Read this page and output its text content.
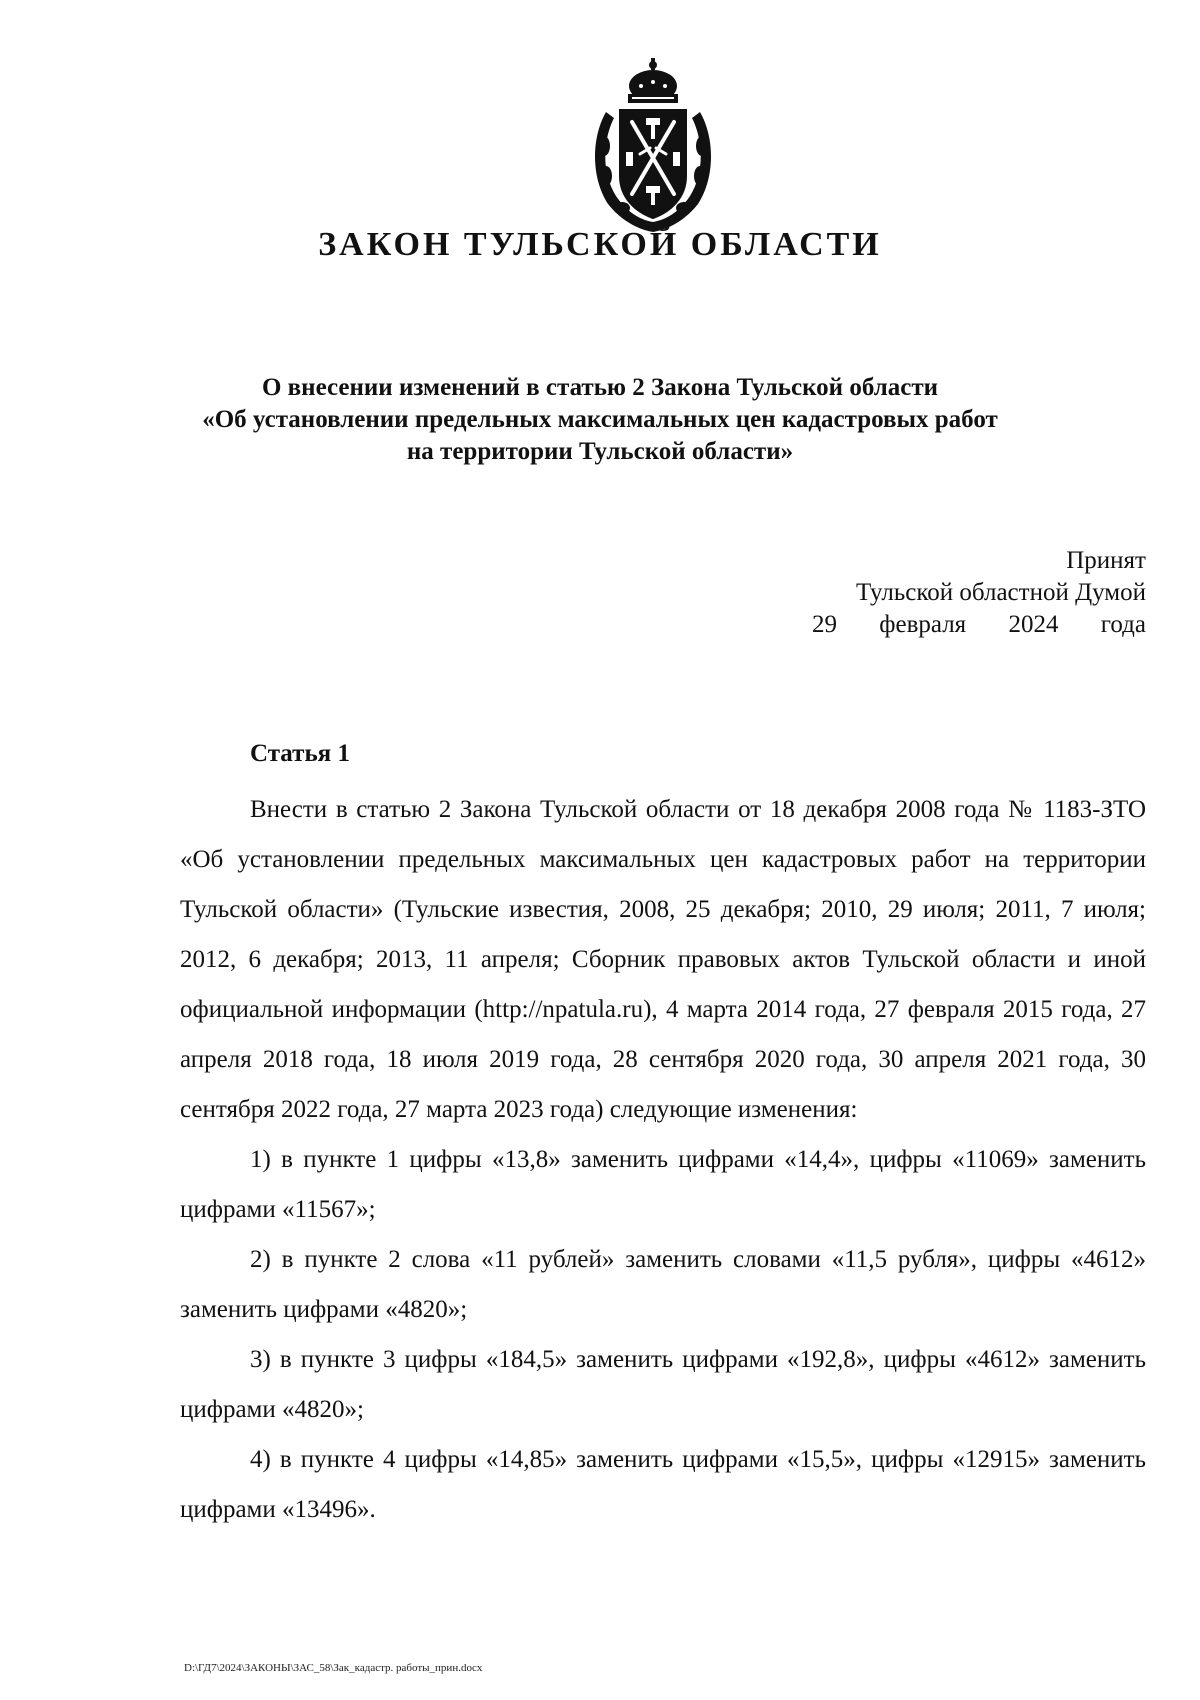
ЗАКОН ТУЛЬСКОЙ ОБЛАСТИ
О внесении изменений в статью 2 Закона Тульской области
«Об установлении предельных максимальных цен кадастровых работ
на территории Тульской области»
Принят
Тульской областной Думой
29 февраля 2024 года
Статья 1

Внести в статью 2 Закона Тульской области от 18 декабря 2008 года № 1183-ЗТО «Об установлении предельных максимальных цен кадастровых работ на территории Тульской области» (Тульские известия, 2008, 25 декабря; 2010, 29 июля; 2011, 7 июля; 2012, 6 декабря; 2013, 11 апреля; Сборник правовых актов Тульской области и иной официальной информации (http://npatula.ru), 4 марта 2014 года, 27 февраля 2015 года, 27 апреля 2018 года, 18 июля 2019 года, 28 сентября 2020 года, 30 апреля 2021 года, 30 сентября 2022 года, 27 марта 2023 года) следующие изменения:

1) в пункте 1 цифры «13,8» заменить цифрами «14,4», цифры «11069» заменить цифрами «11567»;

2) в пункте 2 слова «11 рублей» заменить словами «11,5 рубля», цифры «4612» заменить цифрами «4820»;

3) в пункте 3 цифры «184,5» заменить цифрами «192,8», цифры «4612» заменить цифрами «4820»;

4) в пункте 4 цифры «14,85» заменить цифрами «15,5», цифры «12915» заменить цифрами «13496».

D:\ГД7\2024\ЗАКОНЫ\ЗАС_58\Зак_кадастр. работы_прин.docx
